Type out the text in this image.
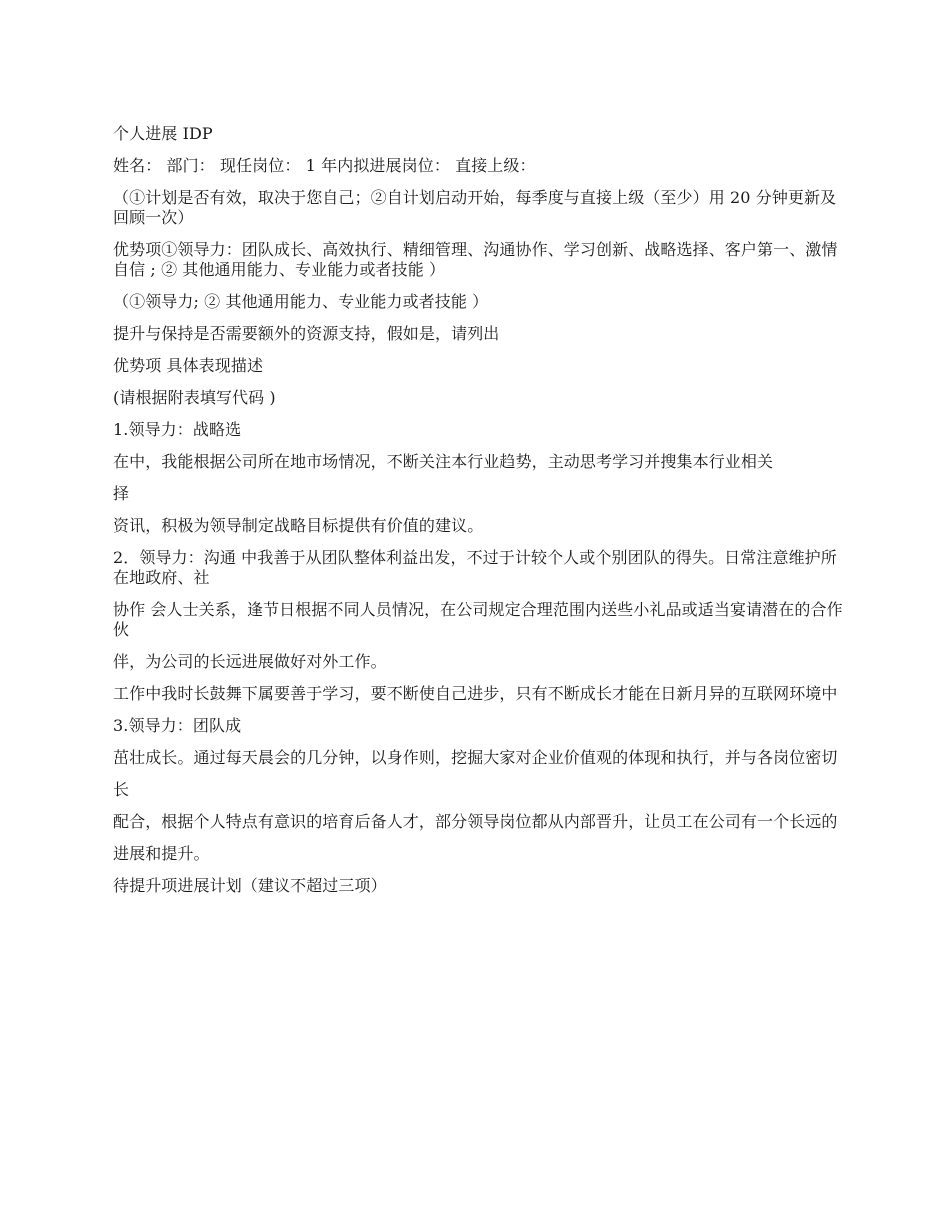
个人进展 IDP

姓名： 部门： 现任岗位： 1 年内拟进展岗位： 直接上级：

（①计划是否有效，取决于您自己；②自计划启动开始，每季度与直接上级（至少）用 20 分钟更新及回顾一次）

优势项①领导力：团队成长、高效执行、精细管理、沟通协作、学习创新、战略选择、客户第一、激情自信 ; ② 其他通用能力、专业能力或者技能 ）

（①领导力; ② 其他通用能力、专业能力或者技能 ）

提升与保持是否需要额外的资源支持，假如是，请列出

优势项 具体表现描述

(请根据附表填写代码 )

1.领导力：战略选

在中，我能根据公司所在地市场情况，不断关注本行业趋势，主动思考学习并搜集本行业相关

择

资讯，积极为领导制定战略目标提供有价值的建议。

2．领导力：沟通 中我善于从团队整体利益出发，不过于计较个人或个别团队的得失。日常注意维护所在地政府、社

协作 会人士关系，逢节日根据不同人员情况，在公司规定合理范围内送些小礼品或适当宴请潜在的合作伙

伴，为公司的长远进展做好对外工作。

工作中我时长鼓舞下属要善于学习，要不断使自己进步，只有不断成长才能在日新月异的互联网环境中

3.领导力：团队成

茁壮成长。通过每天晨会的几分钟，以身作则，挖掘大家对企业价值观的体现和执行，并与各岗位密切

长

配合，根据个人特点有意识的培育后备人才，部分领导岗位都从内部晋升，让员工在公司有一个长远的

进展和提升。

待提升项进展计划（建议不超过三项）
